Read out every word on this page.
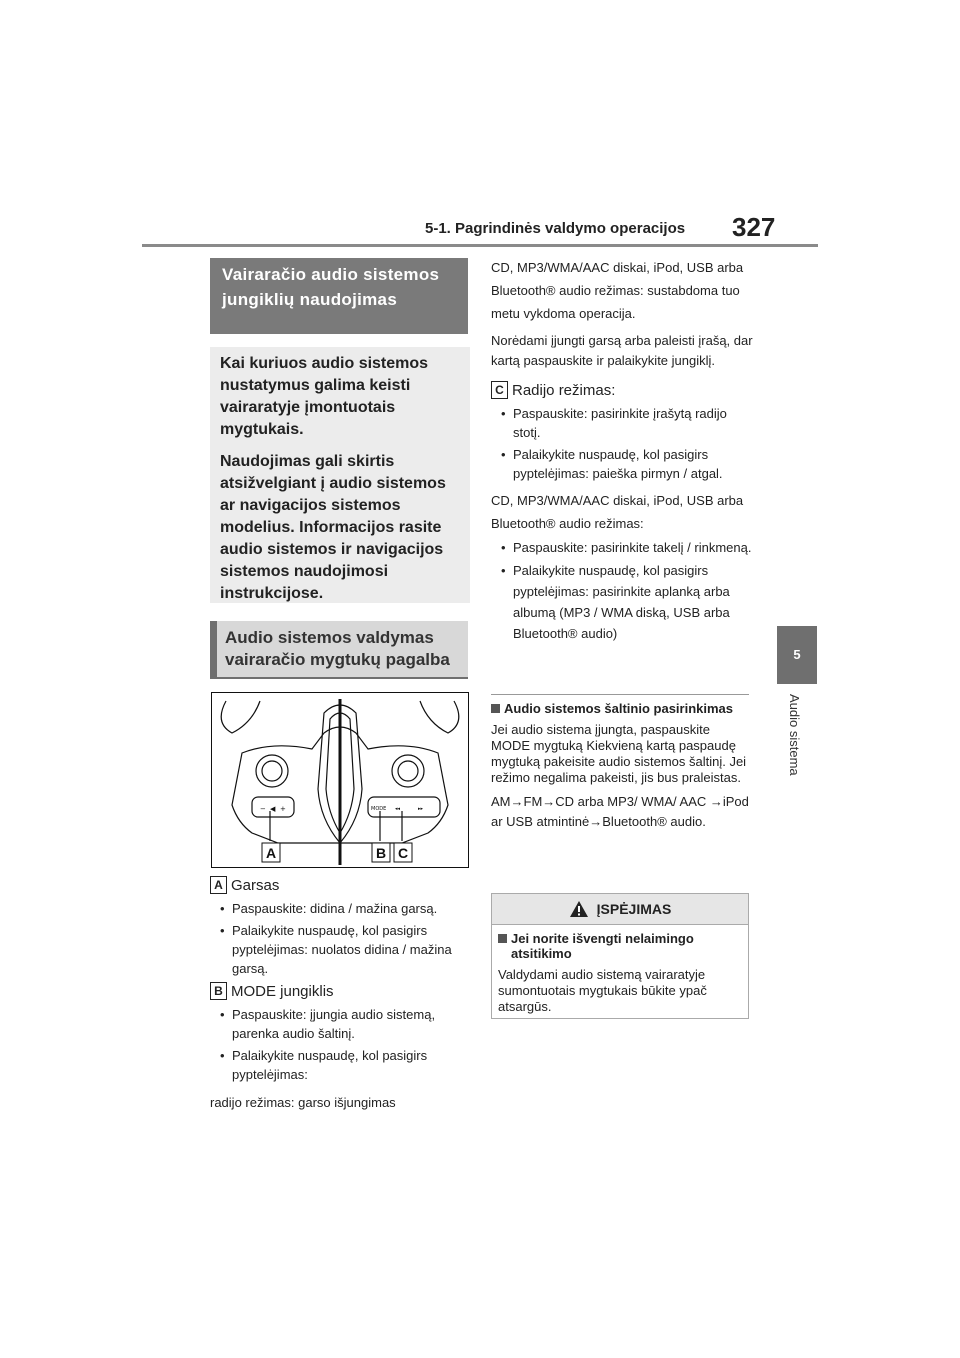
5-1. Pagrindinės valdymo operacijos 327
5
Audio sistema
Vairaračio audio sistemos jungiklių naudojimas

Kai kuriuos audio sistemos nustatymus galima keisti vairaratyje įmontuotais mygtukais.

Naudojimas gali skirtis atsižvelgiant į audio sistemos ar navigacijos sistemos modelius. Informacijos rasite audio sistemos ir navigacijos sistemos naudojimosi instrukcijose.

Audio sistemos valdymas vairaračio mygtukų pagalba
− ◀ +	MODE ◂◂	▸▸
A	B C
A Garsas
• Paspauskite: didina / mažina garsą.
• Palaikykite nuspaudę, kol pasigirs pyptelėjimas: nuolatos didina / mažina garsą.
B MODE jungiklis
• Paspauskite: įjungia audio sistemą, parenka audio šaltinį.
• Palaikykite nuspaudę, kol pasigirs pyptelėjimas:

radijo režimas: garso išjungimas

CD, MP3/WMA/AAC diskai, iPod, USB arba Bluetooth® audio režimas: sustabdoma tuo metu vykdoma operacija.

Norėdami įjungti garsą arba paleisti įrašą, dar kartą paspauskite ir palaikykite jungiklį.

C Radijo režimas:
• Paspauskite: pasirinkite įrašytą radijo stotį.
• Palaikykite nuspaudę, kol pasigirs pyptelėjimas: paieška pirmyn / atgal.

CD, MP3/WMA/AAC diskai, iPod, USB arba Bluetooth® audio režimas:

• Paspauskite: pasirinkite takelį / rinkmeną.
• Palaikykite nuspaudę, kol pasigirs pyptelėjimas: pasirinkite aplanką arba albumą (MP3 / WMA diską, USB arba Bluetooth® audio)
Audio sistemos šaltinio pasirinkimas

Jei audio sistema įjungta, paspauskite MODE mygtuką Kiekvieną kartą paspaudę mygtuką pakeisite audio sistemos šaltinį. Jei režimo negalima pakeisti, jis bus praleistas.

AM→FM→CD arba MP3/ WMA/ AAC →iPod ar USB atmintinė→Bluetooth® audio.

ĮSPĖJIMAS
Jei norite išvengti nelaimingo atsitikimo

Valdydami audio sistemą vairaratyje sumontuotais mygtukais būkite ypač atsargūs.
